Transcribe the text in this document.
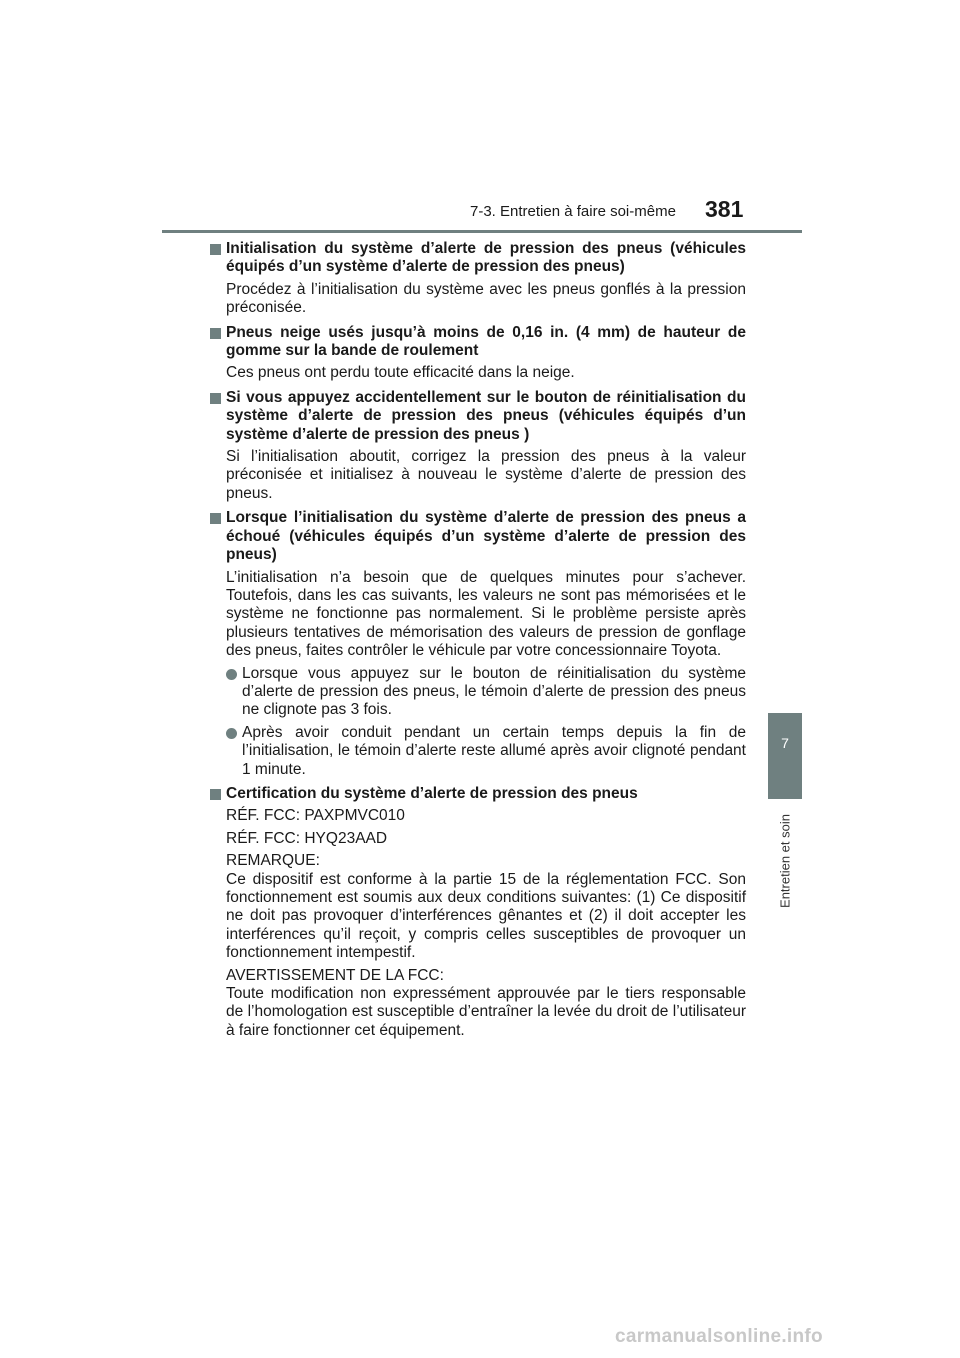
7-3. Entretien à faire soi-même 381
7
Entretien et soin
Initialisation du système d’alerte de pression des pneus (véhicules équipés d’un système d’alerte de pression des pneus)
Procédez à l’initialisation du système avec les pneus gonflés à la pression préconisée.
Pneus neige usés jusqu’à moins de 0,16 in. (4 mm) de hauteur de gomme sur la bande de roulement
Ces pneus ont perdu toute efficacité dans la neige.
Si vous appuyez accidentellement sur le bouton de réinitialisation du système d’alerte de pression des pneus (véhicules équipés d’un système d’alerte de pression des pneus )
Si l’initialisation aboutit, corrigez la pression des pneus à la valeur préconisée et initialisez à nouveau le système d’alerte de pression des pneus.
Lorsque l’initialisation du système d’alerte de pression des pneus a échoué (véhicules équipés d’un système d’alerte de pression des pneus)
L’initialisation n’a besoin que de quelques minutes pour s’achever. Toutefois, dans les cas suivants, les valeurs ne sont pas mémorisées et le système ne fonctionne pas normalement. Si le problème persiste après plusieurs tentatives de mémorisation des valeurs de pression de gonflage des pneus, faites contrôler le véhicule par votre concessionnaire Toyota.
Lorsque vous appuyez sur le bouton de réinitialisation du système d’alerte de pression des pneus, le témoin d’alerte de pression des pneus ne clignote pas 3 fois.
Après avoir conduit pendant un certain temps depuis la fin de l’initialisation, le témoin d’alerte reste allumé après avoir clignoté pendant 1 minute.
Certification du système d’alerte de pression des pneus
RÉF. FCC: PAXPMVC010
RÉF. FCC: HYQ23AAD
REMARQUE:
Ce dispositif est conforme à la partie 15 de la réglementation FCC. Son fonctionnement est soumis aux deux conditions suivantes: (1) Ce dispositif ne doit pas provoquer d’interférences gênantes et (2) il doit accepter les interférences qu’il reçoit, y compris celles susceptibles de provoquer un fonctionnement intempestif.
AVERTISSEMENT DE LA FCC:
Toute modification non expressément approuvée par le tiers responsable de l’homologation est susceptible d’entraîner la levée du droit de l’utilisateur à faire fonctionner cet équipement.
carmanualsonline.info
